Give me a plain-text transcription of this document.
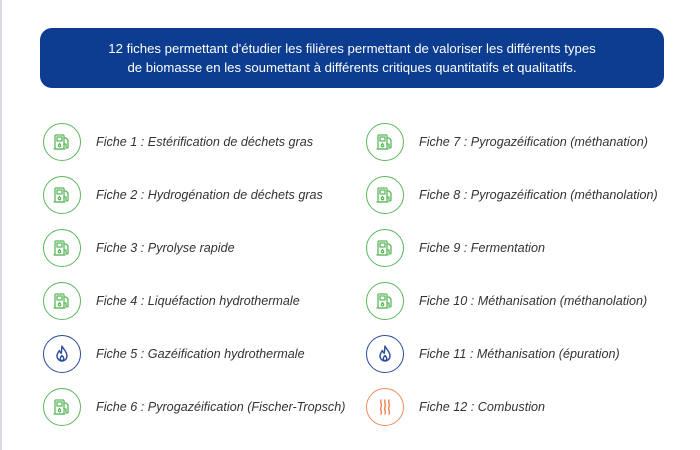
12 fiches permettant d'étudier les filières permettant de valoriser les différents types
de biomasse en les soumettant à différents critiques quantitatifs et qualitatifs.
Fiche 1 : Estérification de déchets gras
Fiche 2 : Hydrogénation de déchets gras
Fiche 3 : Pyrolyse rapide
Fiche 4 : Liquéfaction hydrothermale
Fiche 5 : Gazéification hydrothermale
Fiche 6 : Pyrogazéification (Fischer-Tropsch)
Fiche 7 : Pyrogazéification (méthanation)
Fiche 8 : Pyrogazéification (méthanolation)
Fiche 9 : Fermentation
Fiche 10 : Méthanisation (méthanolation)
Fiche 11 : Méthanisation (épuration)
Fiche 12 : Combustion
